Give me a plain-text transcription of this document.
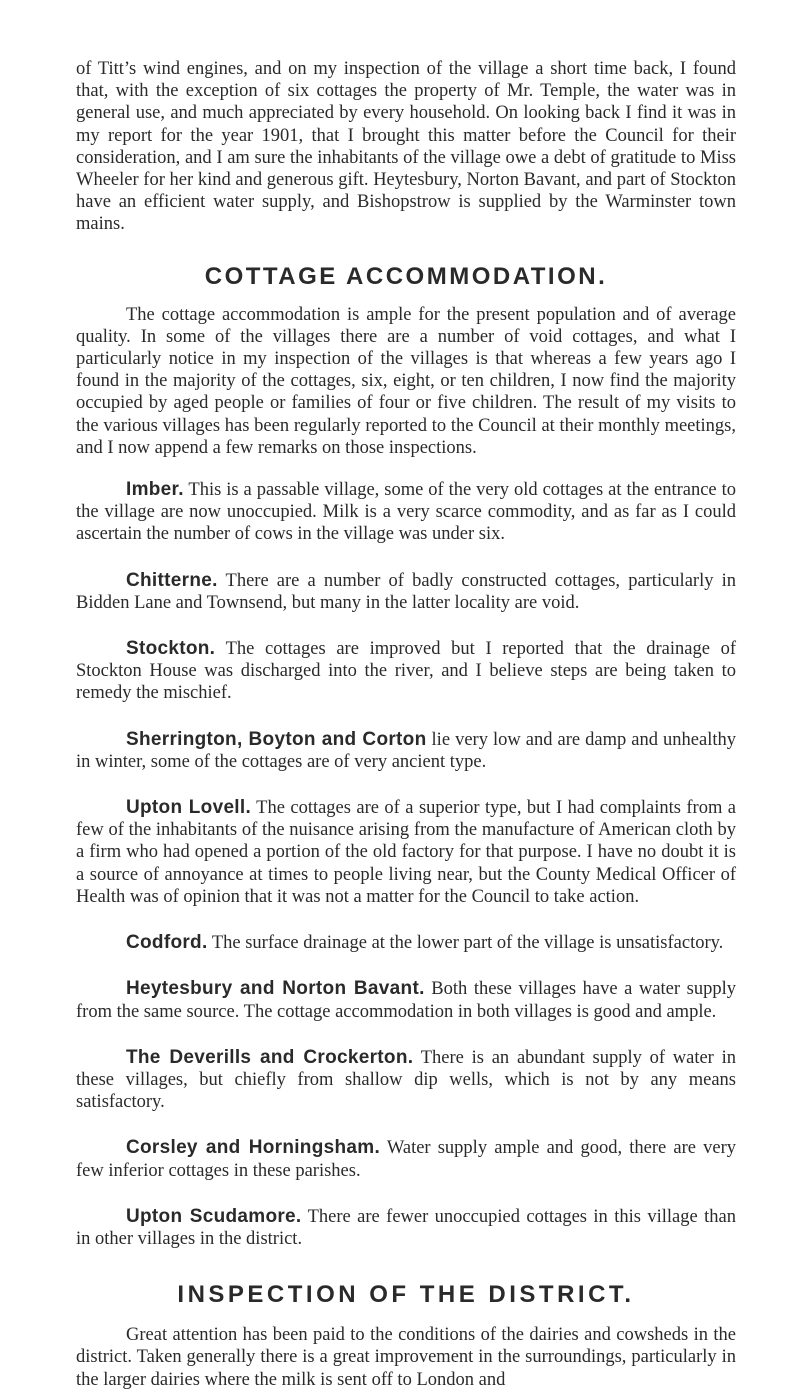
of Titt’s wind engines, and on my inspection of the village a short time back, I found that, with the exception of six cottages the property of Mr. Temple, the water was in general use, and much appreciated by every household. On looking back I find it was in my report for the year 1901, that I brought this matter before the Council for their consideration, and I am sure the inhabitants of the village owe a debt of gratitude to Miss Wheeler for her kind and generous gift. Heytesbury, Norton Bavant, and part of Stockton have an efficient water supply, and Bishopstrow is supplied by the Warminster town mains.

COTTAGE ACCOMMODATION.

The cottage accommodation is ample for the present population and of average quality. In some of the villages there are a number of void cottages, and what I particularly notice in my inspection of the villages is that whereas a few years ago I found in the majority of the cottages, six, eight, or ten children, I now find the majority occupied by aged people or families of four or five children. The result of my visits to the various villages has been regularly reported to the Council at their monthly meetings, and I now append a few remarks on those inspections.

Imber. This is a passable village, some of the very old cottages at the entrance to the village are now unoccupied. Milk is a very scarce commodity, and as far as I could ascertain the number of cows in the village was under six.

Chitterne. There are a number of badly constructed cottages, particularly in Bidden Lane and Townsend, but many in the latter locality are void.

Stockton. The cottages are improved but I reported that the drainage of Stockton House was discharged into the river, and I believe steps are being taken to remedy the mischief.

Sherrington, Boyton and Corton lie very low and are damp and unhealthy in winter, some of the cottages are of very ancient type.

Upton Lovell. The cottages are of a superior type, but I had complaints from a few of the inhabitants of the nuisance arising from the manufacture of American cloth by a firm who had opened a portion of the old factory for that purpose. I have no doubt it is a source of annoyance at times to people living near, but the County Medical Officer of Health was of opinion that it was not a matter for the Council to take action.

Codford. The surface drainage at the lower part of the village is unsatisfactory.

Heytesbury and Norton Bavant. Both these villages have a water supply from the same source. The cottage accommodation in both villages is good and ample.

The Deverills and Crockerton. There is an abundant supply of water in these villages, but chiefly from shallow dip wells, which is not by any means satisfactory.

Corsley and Horningsham. Water supply ample and good, there are very few inferior cottages in these parishes.

Upton Scudamore. There are fewer unoccupied cottages in this village than in other villages in the district.

INSPECTION OF THE DISTRICT.

Great attention has been paid to the conditions of the dairies and cowsheds in the district. Taken generally there is a great improvement in the surroundings, particularly in the larger dairies where the milk is sent off to London and
